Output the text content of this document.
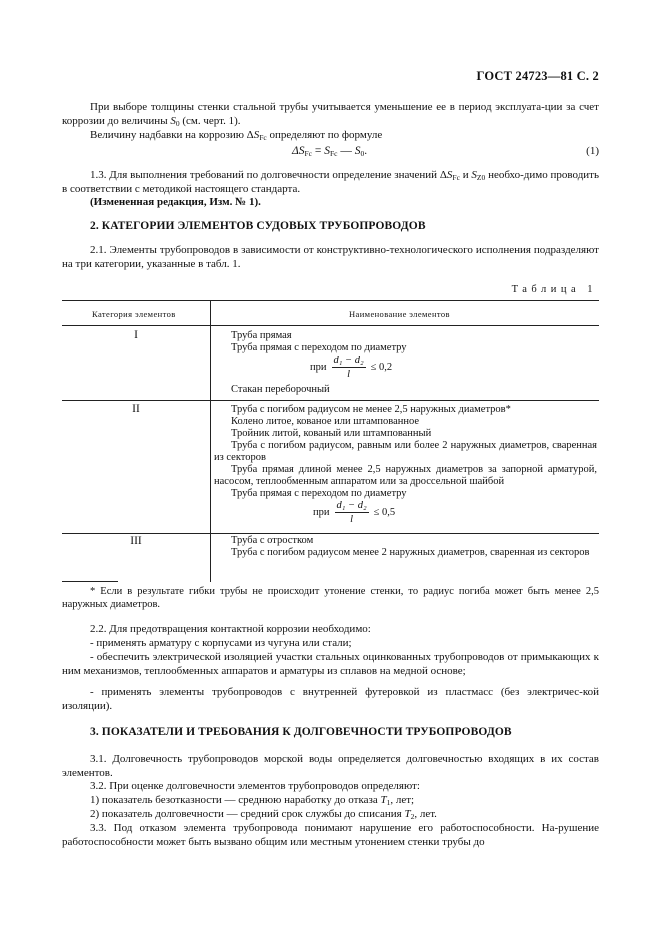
ГОСТ 24723—81 С. 2
При выборе толщины стенки стальной трубы учитывается уменьшение ее в период эксплуата-ции за счет коррозии до величины $S_0$ (см. черт. 1).
Величину надбавки на коррозию $\Delta S_{Fc}$ определяют по формуле
$\Delta S_{Fc} = S_{Fc}$ — $S_0$.	(1)
1.3. Для выполнения требований по долговечности определение значений $\Delta S_{Fc}$ и $S_{Z0}$ необхо-димо проводить в соответствии с методикой настоящего стандарта.
(Измененная редакция, Изм. № 1).
2. КАТЕГОРИИ ЭЛЕМЕНТОВ СУДОВЫХ ТРУБОПРОВОДОВ
2.1. Элементы трубопроводов в зависимости от конструктивно-технологического исполнения подразделяют на три категории, указанные в табл. 1.
Таблица 1
Категория элементов	Наименование элементов
I	Труба прямая
Труба прямая с переходом по диаметру
при $\frac{\text{d₁ − d₂}}{l} \le 0,2$
Стакан переборочный
II	Труба с погибом радиусом не менее 2,5 наружных диаметров*
Колено литое, кованое или штампованное
Тройник литой, кованый или штампованный
Труба с погибом радиусом, равным или более 2 наружных диаметров, сваренная из секторов
Труба прямая длиной менее 2,5 наружных диаметров за запорной арматурой, насосом, теплообменным аппаратом или за дроссельной шайбой
Труба прямая с переходом по диаметру
при $\frac{\text{d₁ − d₂}}{l} \le 0,5$
III	Труба с отростком
Труба с погибом радиусом менее 2 наружных диаметров, сваренная из секторов
* Если в результате гибки трубы не происходит утонение стенки, то радиус погиба может быть менее 2,5 наружных диаметров.
2.2. Для предотвращения контактной коррозии необходимо:
- применять арматуру с корпусами из чугуна или стали;
- обеспечить электрической изоляцией участки стальных оцинкованных трубопроводов от примыкающих к ним механизмов, теплообменных аппаратов и арматуры из сплавов на медной основе;
- применять элементы трубопроводов с внутренней футеровкой из пластмасс (без электричес-кой изоляции).
3. ПОКАЗАТЕЛИ И ТРЕБОВАНИЯ К ДОЛГОВЕЧНОСТИ ТРУБОПРОВОДОВ
3.1. Долговечность трубопроводов морской воды определяется долговечностью входящих в их состав элементов.
3.2. При оценке долговечности элементов трубопроводов определяют:
1) показатель безотказности — среднюю наработку до отказа $T_1$, лет;
2) показатель долговечности — средний срок службы до списания $T_2$, лет.
3.3. Под отказом элемента трубопровода понимают нарушение его работоспособности. На-рушение работоспособности может быть вызвано общим или местным утонением стенки трубы до
